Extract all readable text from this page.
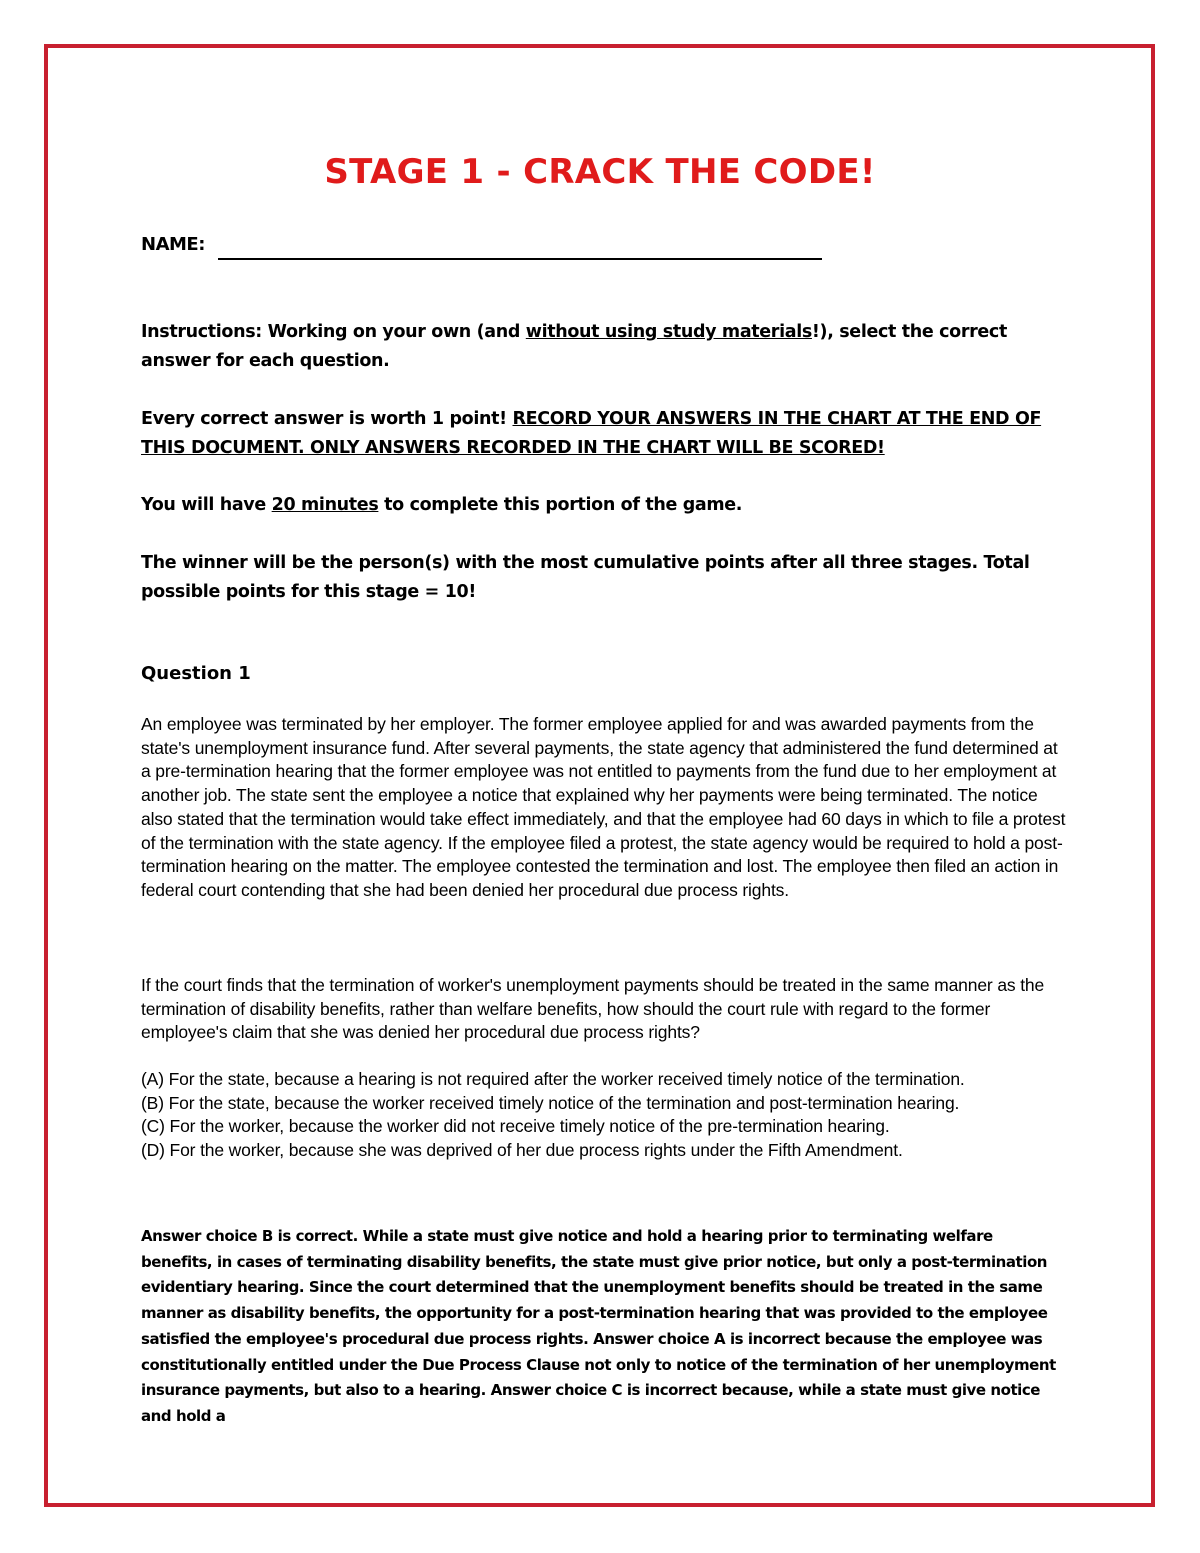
STAGE 1 - CRACK THE CODE!
NAME:

Instructions: Working on your own (and without using study materials!), select the correct answer for each question.

Every correct answer is worth 1 point! RECORD YOUR ANSWERS IN THE CHART AT THE END OF THIS DOCUMENT. ONLY ANSWERS RECORDED IN THE CHART WILL BE SCORED!

You will have 20 minutes to complete this portion of the game.

The winner will be the person(s) with the most cumulative points after all three stages. Total possible points for this stage = 10!

Question 1

An employee was terminated by her employer. The former employee applied for and was awarded payments from the state's unemployment insurance fund. After several payments, the state agency that administered the fund determined at a pre-termination hearing that the former employee was not entitled to payments from the fund due to her employment at another job. The state sent the employee a notice that explained why her payments were being terminated. The notice also stated that the termination would take effect immediately, and that the employee had 60 days in which to file a protest of the termination with the state agency. If the employee filed a protest, the state agency would be required to hold a post-termination hearing on the matter. The employee contested the termination and lost. The employee then filed an action in federal court contending that she had been denied her procedural due process rights.

If the court finds that the termination of worker's unemployment payments should be treated in the same manner as the termination of disability benefits, rather than welfare benefits, how should the court rule with regard to the former employee's claim that she was denied her procedural due process rights?

(A) For the state, because a hearing is not required after the worker received timely notice of the termination.
(B) For the state, because the worker received timely notice of the termination and post-termination hearing.
(C) For the worker, because the worker did not receive timely notice of the pre-termination hearing.
(D) For the worker, because she was deprived of her due process rights under the Fifth Amendment.

Answer choice B is correct. While a state must give notice and hold a hearing prior to terminating welfare benefits, in cases of terminating disability benefits, the state must give prior notice, but only a post-termination evidentiary hearing. Since the court determined that the unemployment benefits should be treated in the same manner as disability benefits, the opportunity for a post-termination hearing that was provided to the employee satisfied the employee's procedural due process rights. Answer choice A is incorrect because the employee was constitutionally entitled under the Due Process Clause not only to notice of the termination of her unemployment insurance payments, but also to a hearing. Answer choice C is incorrect because, while a state must give notice and hold a
